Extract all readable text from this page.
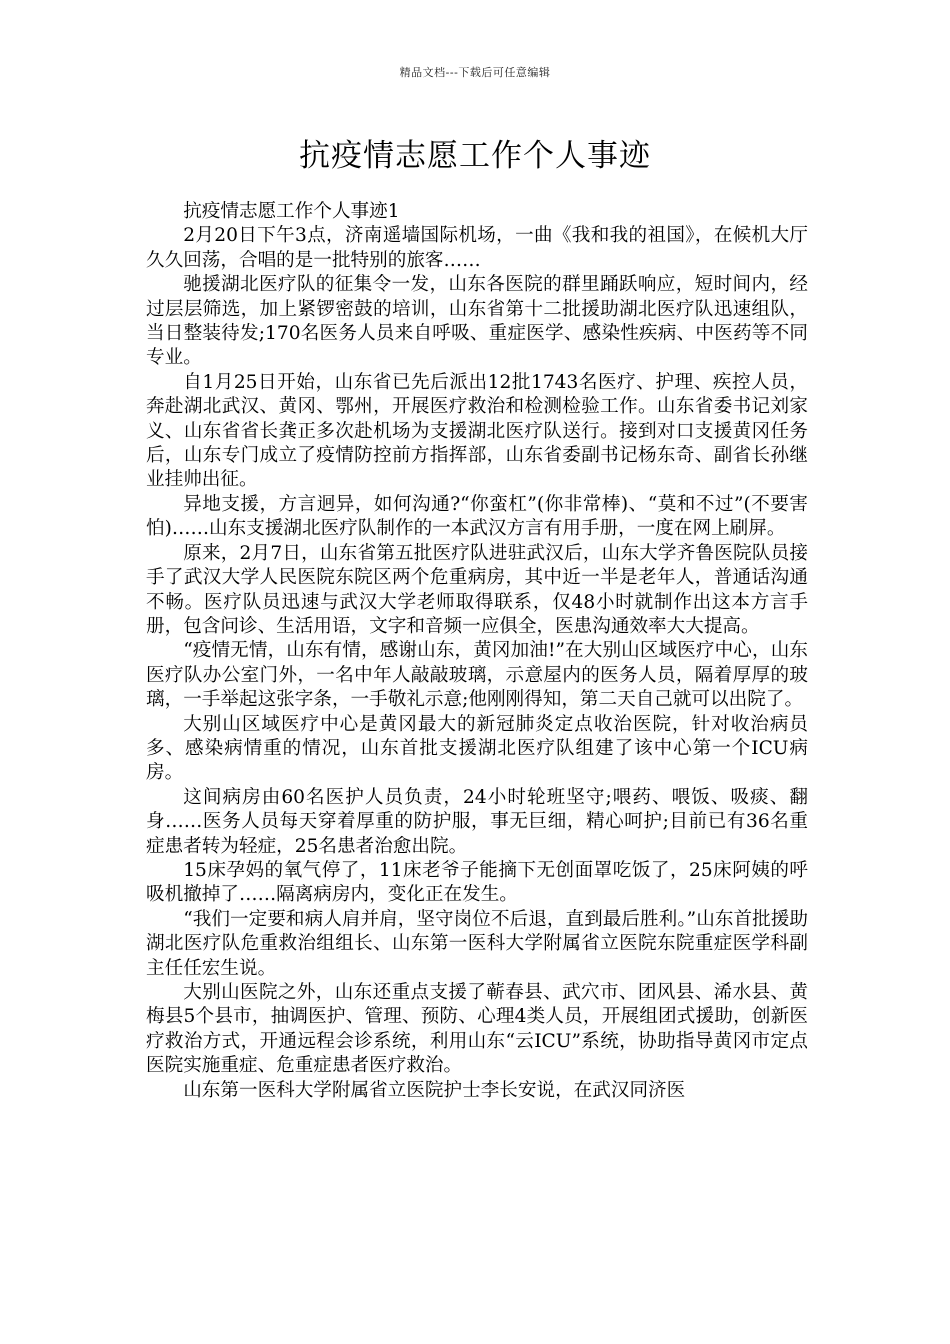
精品文档---下载后可任意编辑
抗疫情志愿工作个人事迹

抗疫情志愿工作个人事迹1

2月20日下午3点，济南遥墙国际机场，一曲《我和我的祖国》，在候机大厅久久回荡，合唱的是一批特别的旅客……

驰援湖北医疗队的征集令一发，山东各医院的群里踊跃响应，短时间内，经过层层筛选，加上紧锣密鼓的培训，山东省第十二批援助湖北医疗队迅速组队，当日整装待发;170名医务人员来自呼吸、重症医学、感染性疾病、中医药等不同专业。

自1月25日开始，山东省已先后派出12批1743名医疗、护理、疾控人员，奔赴湖北武汉、黄冈、鄂州，开展医疗救治和检测检验工作。山东省委书记刘家义、山东省省长龚正多次赴机场为支援湖北医疗队送行。接到对口支援黄冈任务后，山东专门成立了疫情防控前方指挥部，山东省委副书记杨东奇、副省长孙继业挂帅出征。

异地支援，方言迥异，如何沟通?“你蛮杠”(你非常棒)、“莫和不过”(不要害怕)……山东支援湖北医疗队制作的一本武汉方言有用手册，一度在网上刷屏。

原来，2月7日，山东省第五批医疗队进驻武汉后，山东大学齐鲁医院队员接手了武汉大学人民医院东院区两个危重病房，其中近一半是老年人，普通话沟通不畅。医疗队员迅速与武汉大学老师取得联系，仅48小时就制作出这本方言手册，包含问诊、生活用语，文字和音频一应俱全，医患沟通效率大大提高。

“疫情无情，山东有情，感谢山东，黄冈加油!”在大别山区域医疗中心，山东医疗队办公室门外，一名中年人敲敲玻璃，示意屋内的医务人员，隔着厚厚的玻璃，一手举起这张字条，一手敬礼示意;他刚刚得知，第二天自己就可以出院了。

大别山区域医疗中心是黄冈最大的新冠肺炎定点收治医院，针对收治病员多、感染病情重的情况，山东首批支援湖北医疗队组建了该中心第一个ICU病房。

这间病房由60名医护人员负责，24小时轮班坚守;喂药、喂饭、吸痰、翻身……医务人员每天穿着厚重的防护服，事无巨细，精心呵护;目前已有36名重症患者转为轻症，25名患者治愈出院。

15床孕妈的氧气停了，11床老爷子能摘下无创面罩吃饭了，25床阿姨的呼吸机撤掉了……隔离病房内，变化正在发生。

“我们一定要和病人肩并肩，坚守岗位不后退，直到最后胜利。”山东首批援助湖北医疗队危重救治组组长、山东第一医科大学附属省立医院东院重症医学科副主任任宏生说。

大别山医院之外，山东还重点支援了蕲春县、武穴市、团风县、浠水县、黄梅县5个县市，抽调医护、管理、预防、心理4类人员，开展组团式援助，创新医疗救治方式，开通远程会诊系统，利用山东“云ICU”系统，协助指导黄冈市定点医院实施重症、危重症患者医疗救治。

山东第一医科大学附属省立医院护士李长安说，在武汉同济医
